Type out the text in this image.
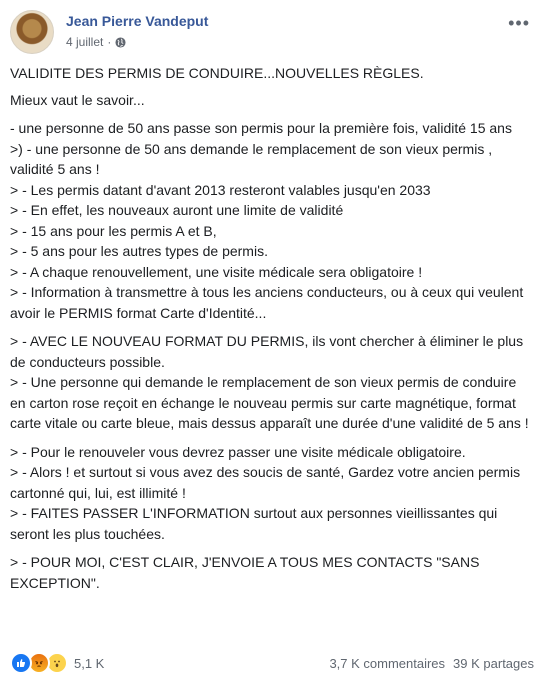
Jean Pierre Vandeput
4 juillet ·
•••

VALIDITE DES PERMIS DE CONDUIRE...NOUVELLES RÈGLES.

Mieux vaut le savoir...

- une personne de 50 ans passe son permis pour la première fois, validité 15 ans

>) - une personne de 50 ans demande le remplacement de son vieux permis , validité 5 ans !

> - Les permis datant d'avant 2013 resteront valables jusqu'en 2033

> - En effet, les nouveaux auront une limite de validité

> - 15 ans pour les permis A et B,

> - 5 ans pour les autres types de permis.

> - A chaque renouvellement, une visite médicale sera obligatoire !

> - Information à transmettre à tous les anciens conducteurs, ou à ceux qui veulent avoir le PERMIS format Carte d'Identité...

> - AVEC LE NOUVEAU FORMAT DU PERMIS, ils vont chercher à éliminer le plus de conducteurs possible.

> - Une personne qui demande le remplacement de son vieux permis de conduire en carton rose reçoit en échange le nouveau permis sur carte magnétique, format carte vitale ou carte bleue, mais dessus apparaît une durée d'une validité de 5 ans !

> - Pour le renouveler vous devrez passer une visite médicale obligatoire.

> - Alors ! et surtout si vous avez des soucis de santé, Gardez votre ancien permis cartonné qui, lui, est illimité !

> - FAITES PASSER L'INFORMATION surtout aux personnes vieillissantes qui seront les plus touchées.

> - POUR MOI, C'EST CLAIR, J'ENVOIE A TOUS MES CONTACTS "SANS EXCEPTION".

5,1 K	3,7 K commentaires 39 K partages
